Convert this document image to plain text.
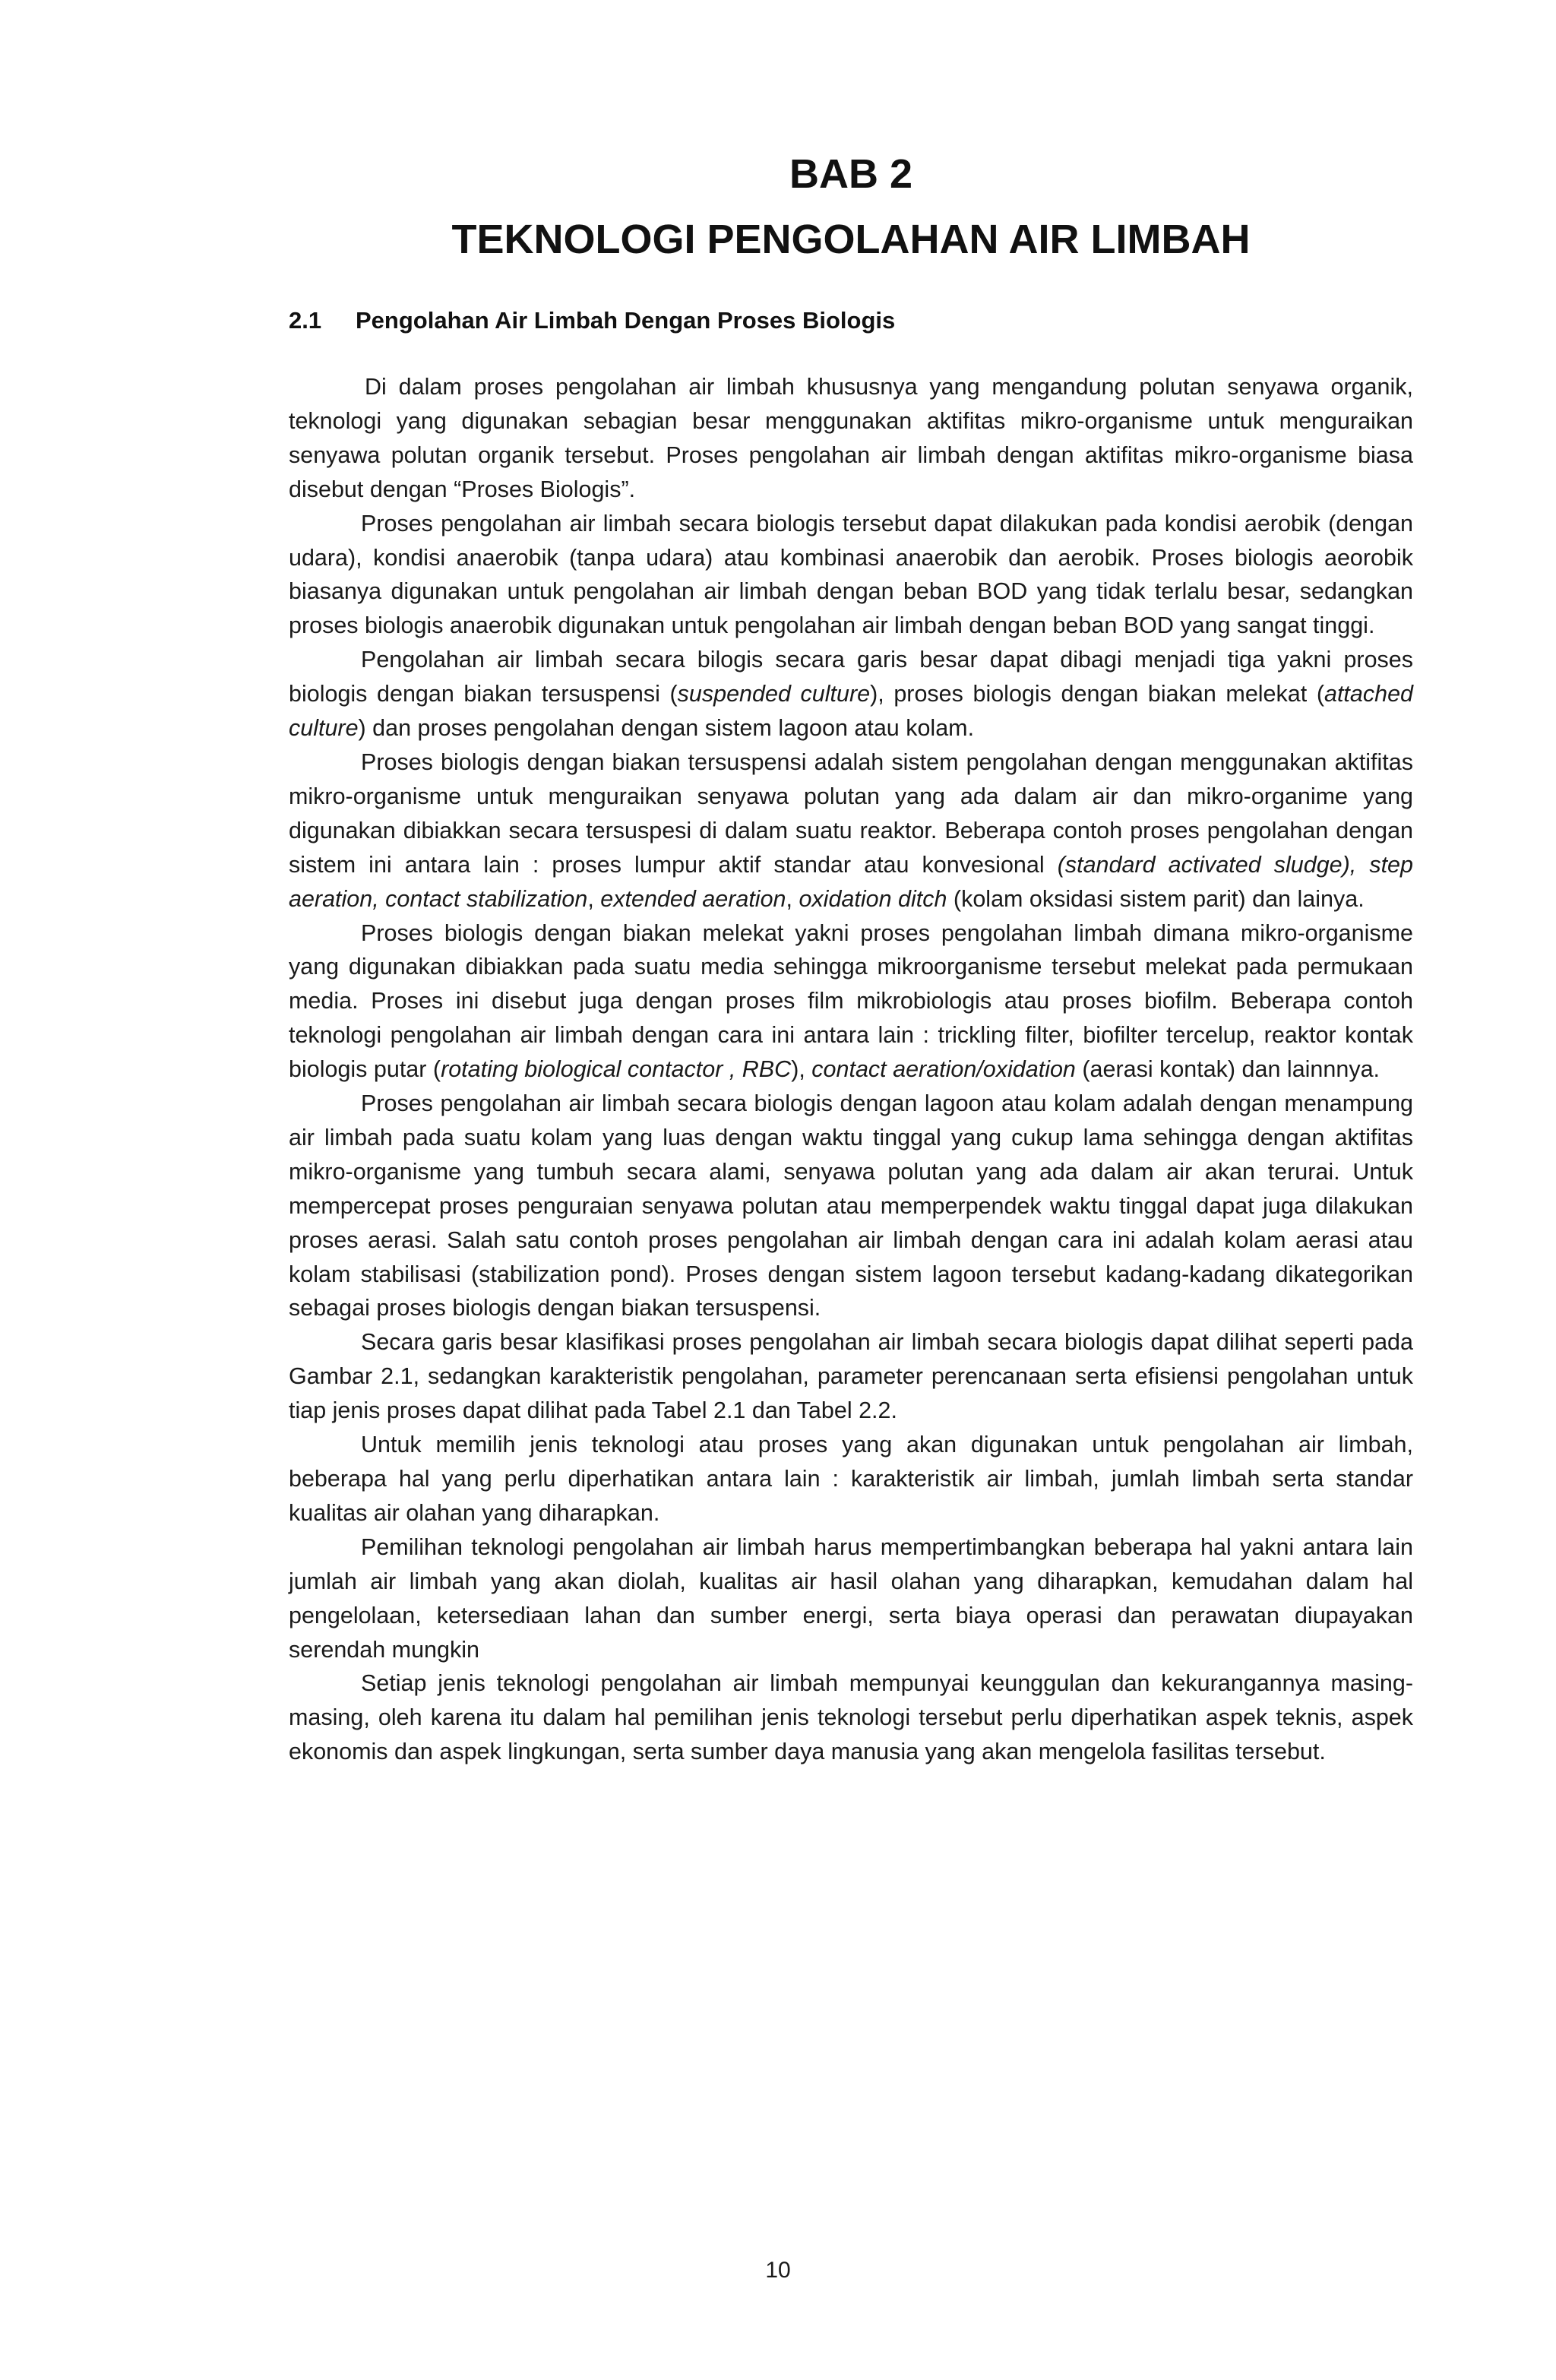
BAB 2
TEKNOLOGI PENGOLAHAN AIR LIMBAH
2.1 Pengolahan Air Limbah Dengan Proses Biologis

Di dalam proses pengolahan air limbah khususnya yang mengandung polutan senyawa organik, teknologi yang digunakan sebagian besar menggunakan aktifitas mikro-organisme untuk menguraikan senyawa polutan organik tersebut. Proses pengolahan air limbah dengan aktifitas mikro-organisme biasa disebut dengan “Proses Biologis”.

Proses pengolahan air limbah secara biologis tersebut dapat dilakukan pada kondisi aerobik (dengan udara), kondisi anaerobik (tanpa udara) atau kombinasi anaerobik dan aerobik. Proses biologis aeorobik biasanya digunakan untuk pengolahan air limbah dengan beban BOD yang tidak terlalu besar, sedangkan proses biologis anaerobik digunakan untuk pengolahan air limbah dengan beban BOD yang sangat tinggi.

Pengolahan air limbah secara bilogis secara garis besar dapat dibagi menjadi tiga yakni proses biologis dengan biakan tersuspensi (suspended culture), proses biologis dengan biakan melekat (attached culture) dan proses pengolahan dengan sistem lagoon atau kolam.

Proses biologis dengan biakan tersuspensi adalah sistem pengolahan dengan menggunakan aktifitas mikro-organisme untuk menguraikan senyawa polutan yang ada dalam air dan mikro-organime yang digunakan dibiakkan secara tersuspesi di dalam suatu reaktor. Beberapa contoh proses pengolahan dengan sistem ini antara lain : proses lumpur aktif standar atau konvesional (standard activated sludge), step aeration, contact stabilization, extended aeration, oxidation ditch (kolam oksidasi sistem parit) dan lainya.

Proses biologis dengan biakan melekat yakni proses pengolahan limbah dimana mikro-organisme yang digunakan dibiakkan pada suatu media sehingga mikroorganisme tersebut melekat pada permukaan media. Proses ini disebut juga dengan proses film mikrobiologis atau proses biofilm. Beberapa contoh teknologi pengolahan air limbah dengan cara ini antara lain : trickling filter, biofilter tercelup, reaktor kontak biologis putar (rotating biological contactor , RBC), contact aeration/oxidation (aerasi kontak) dan lainnnya.

Proses pengolahan air limbah secara biologis dengan lagoon atau kolam adalah dengan menampung air limbah pada suatu kolam yang luas dengan waktu tinggal yang cukup lama sehingga dengan aktifitas mikro-organisme yang tumbuh secara alami, senyawa polutan yang ada dalam air akan terurai. Untuk mempercepat proses penguraian senyawa polutan atau memperpendek waktu tinggal dapat juga dilakukan proses aerasi. Salah satu contoh proses pengolahan air limbah dengan cara ini adalah kolam aerasi atau kolam stabilisasi (stabilization pond). Proses dengan sistem lagoon tersebut kadang-kadang dikategorikan sebagai proses biologis dengan biakan tersuspensi.

Secara garis besar klasifikasi proses pengolahan air limbah secara biologis dapat dilihat seperti pada Gambar 2.1, sedangkan karakteristik pengolahan, parameter perencanaan serta efisiensi pengolahan untuk tiap jenis proses dapat dilihat pada Tabel 2.1 dan Tabel 2.2.

Untuk memilih jenis teknologi atau proses yang akan digunakan untuk pengolahan air limbah, beberapa hal yang perlu diperhatikan antara lain : karakteristik air limbah, jumlah limbah serta standar kualitas air olahan yang diharapkan.

Pemilihan teknologi pengolahan air limbah harus mempertimbangkan beberapa hal yakni antara lain jumlah air limbah yang akan diolah, kualitas air hasil olahan yang diharapkan, kemudahan dalam hal pengelolaan, ketersediaan lahan dan sumber energi, serta biaya operasi dan perawatan diupayakan serendah mungkin

Setiap jenis teknologi pengolahan air limbah mempunyai keunggulan dan kekurangannya masing-masing, oleh karena itu dalam hal pemilihan jenis teknologi tersebut perlu diperhatikan aspek teknis, aspek ekonomis dan aspek lingkungan, serta sumber daya manusia yang akan mengelola fasilitas tersebut.

10
